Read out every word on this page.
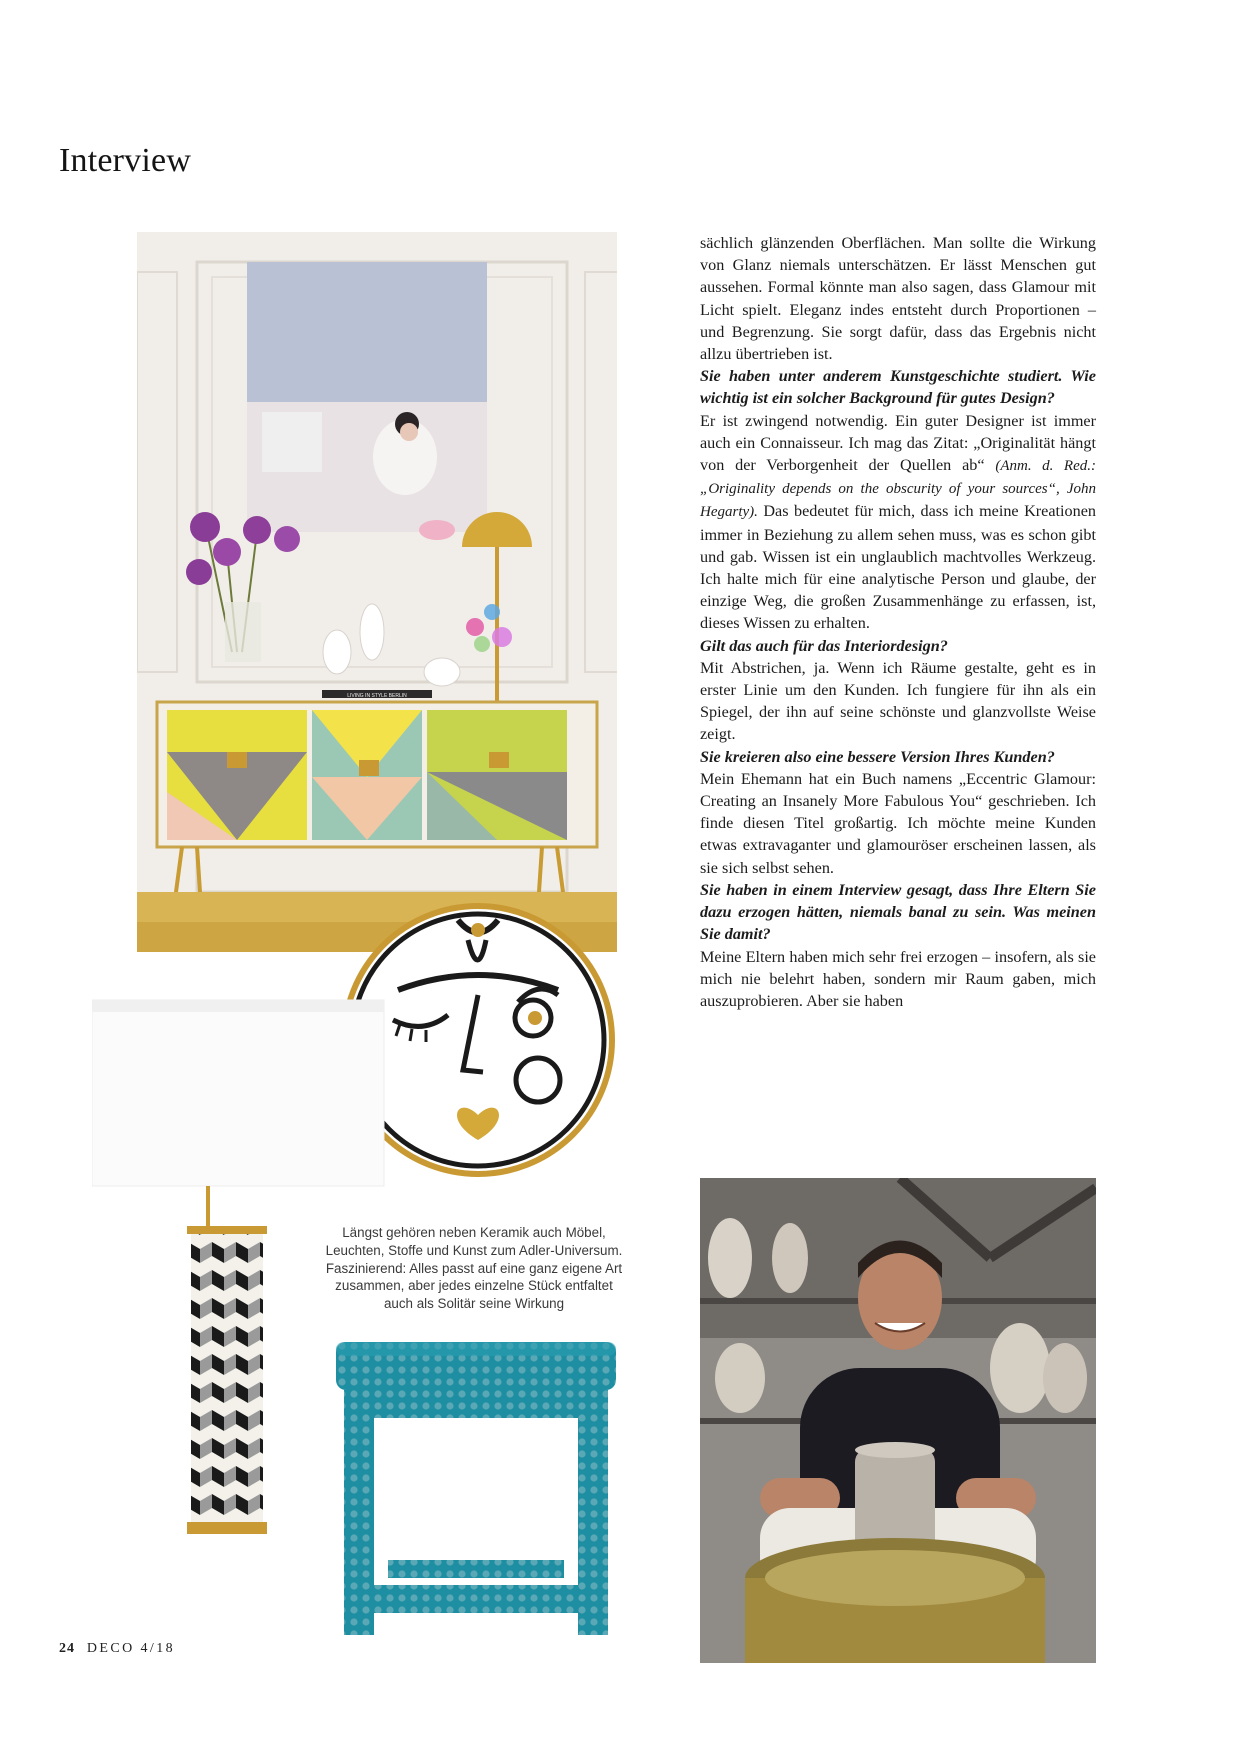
Interview
LIVING IN STYLE BERLIN
Längst gehören neben Keramik auch Möbel, Leuchten, Stoffe und Kunst zum Adler-Universum. Faszinierend: Alles passt auf eine ganz eigene Art zusammen, aber jedes einzelne Stück entfaltet auch als Solitär seine Wirkung

sächlich glänzenden Oberflächen. Man sollte die Wirkung von Glanz niemals unterschätzen. Er lässt Menschen gut aussehen. Formal könnte man also sagen, dass Glamour mit Licht spielt. Eleganz indes entsteht durch Proportionen – und Begrenzung. Sie sorgt dafür, dass das Ergebnis nicht allzu übertrieben ist.

Sie haben unter anderem Kunstgeschichte studiert. Wie wichtig ist ein solcher Background für gutes Design?

Er ist zwingend notwendig. Ein guter Designer ist immer auch ein Connaisseur. Ich mag das Zitat: „Originalität hängt von der Verborgenheit der Quellen ab“ (Anm. d. Red.: „Originality depends on the obscurity of your sources“, John Hegarty). Das bedeutet für mich, dass ich meine Kreationen immer in Beziehung zu allem sehen muss, was es schon gibt und gab. Wissen ist ein unglaublich machtvolles Werkzeug. Ich halte mich für eine analytische Person und glaube, der einzige Weg, die großen Zusammenhänge zu erfassen, ist, dieses Wissen zu erhalten.

Gilt das auch für das Interiordesign?

Mit Abstrichen, ja. Wenn ich Räume gestalte, geht es in erster Linie um den Kunden. Ich fungiere für ihn als ein Spiegel, der ihn auf seine schönste und glanzvollste Weise zeigt.

Sie kreieren also eine bessere Version Ihres Kunden?

Mein Ehemann hat ein Buch namens „Eccentric Glamour: Creating an Insanely More Fabulous You“ geschrieben. Ich finde diesen Titel großartig. Ich möchte meine Kunden etwas extravaganter und glamouröser erscheinen lassen, als sie sich selbst sehen.

Sie haben in einem Interview gesagt, dass Ihre Eltern Sie dazu erzogen hätten, niemals banal zu sein. Was meinen Sie damit?

Meine Eltern haben mich sehr frei erzogen – insofern, als sie mich nie belehrt haben, sondern mir Raum gaben, mich auszuprobieren. Aber sie haben

24 DECO 4/18
